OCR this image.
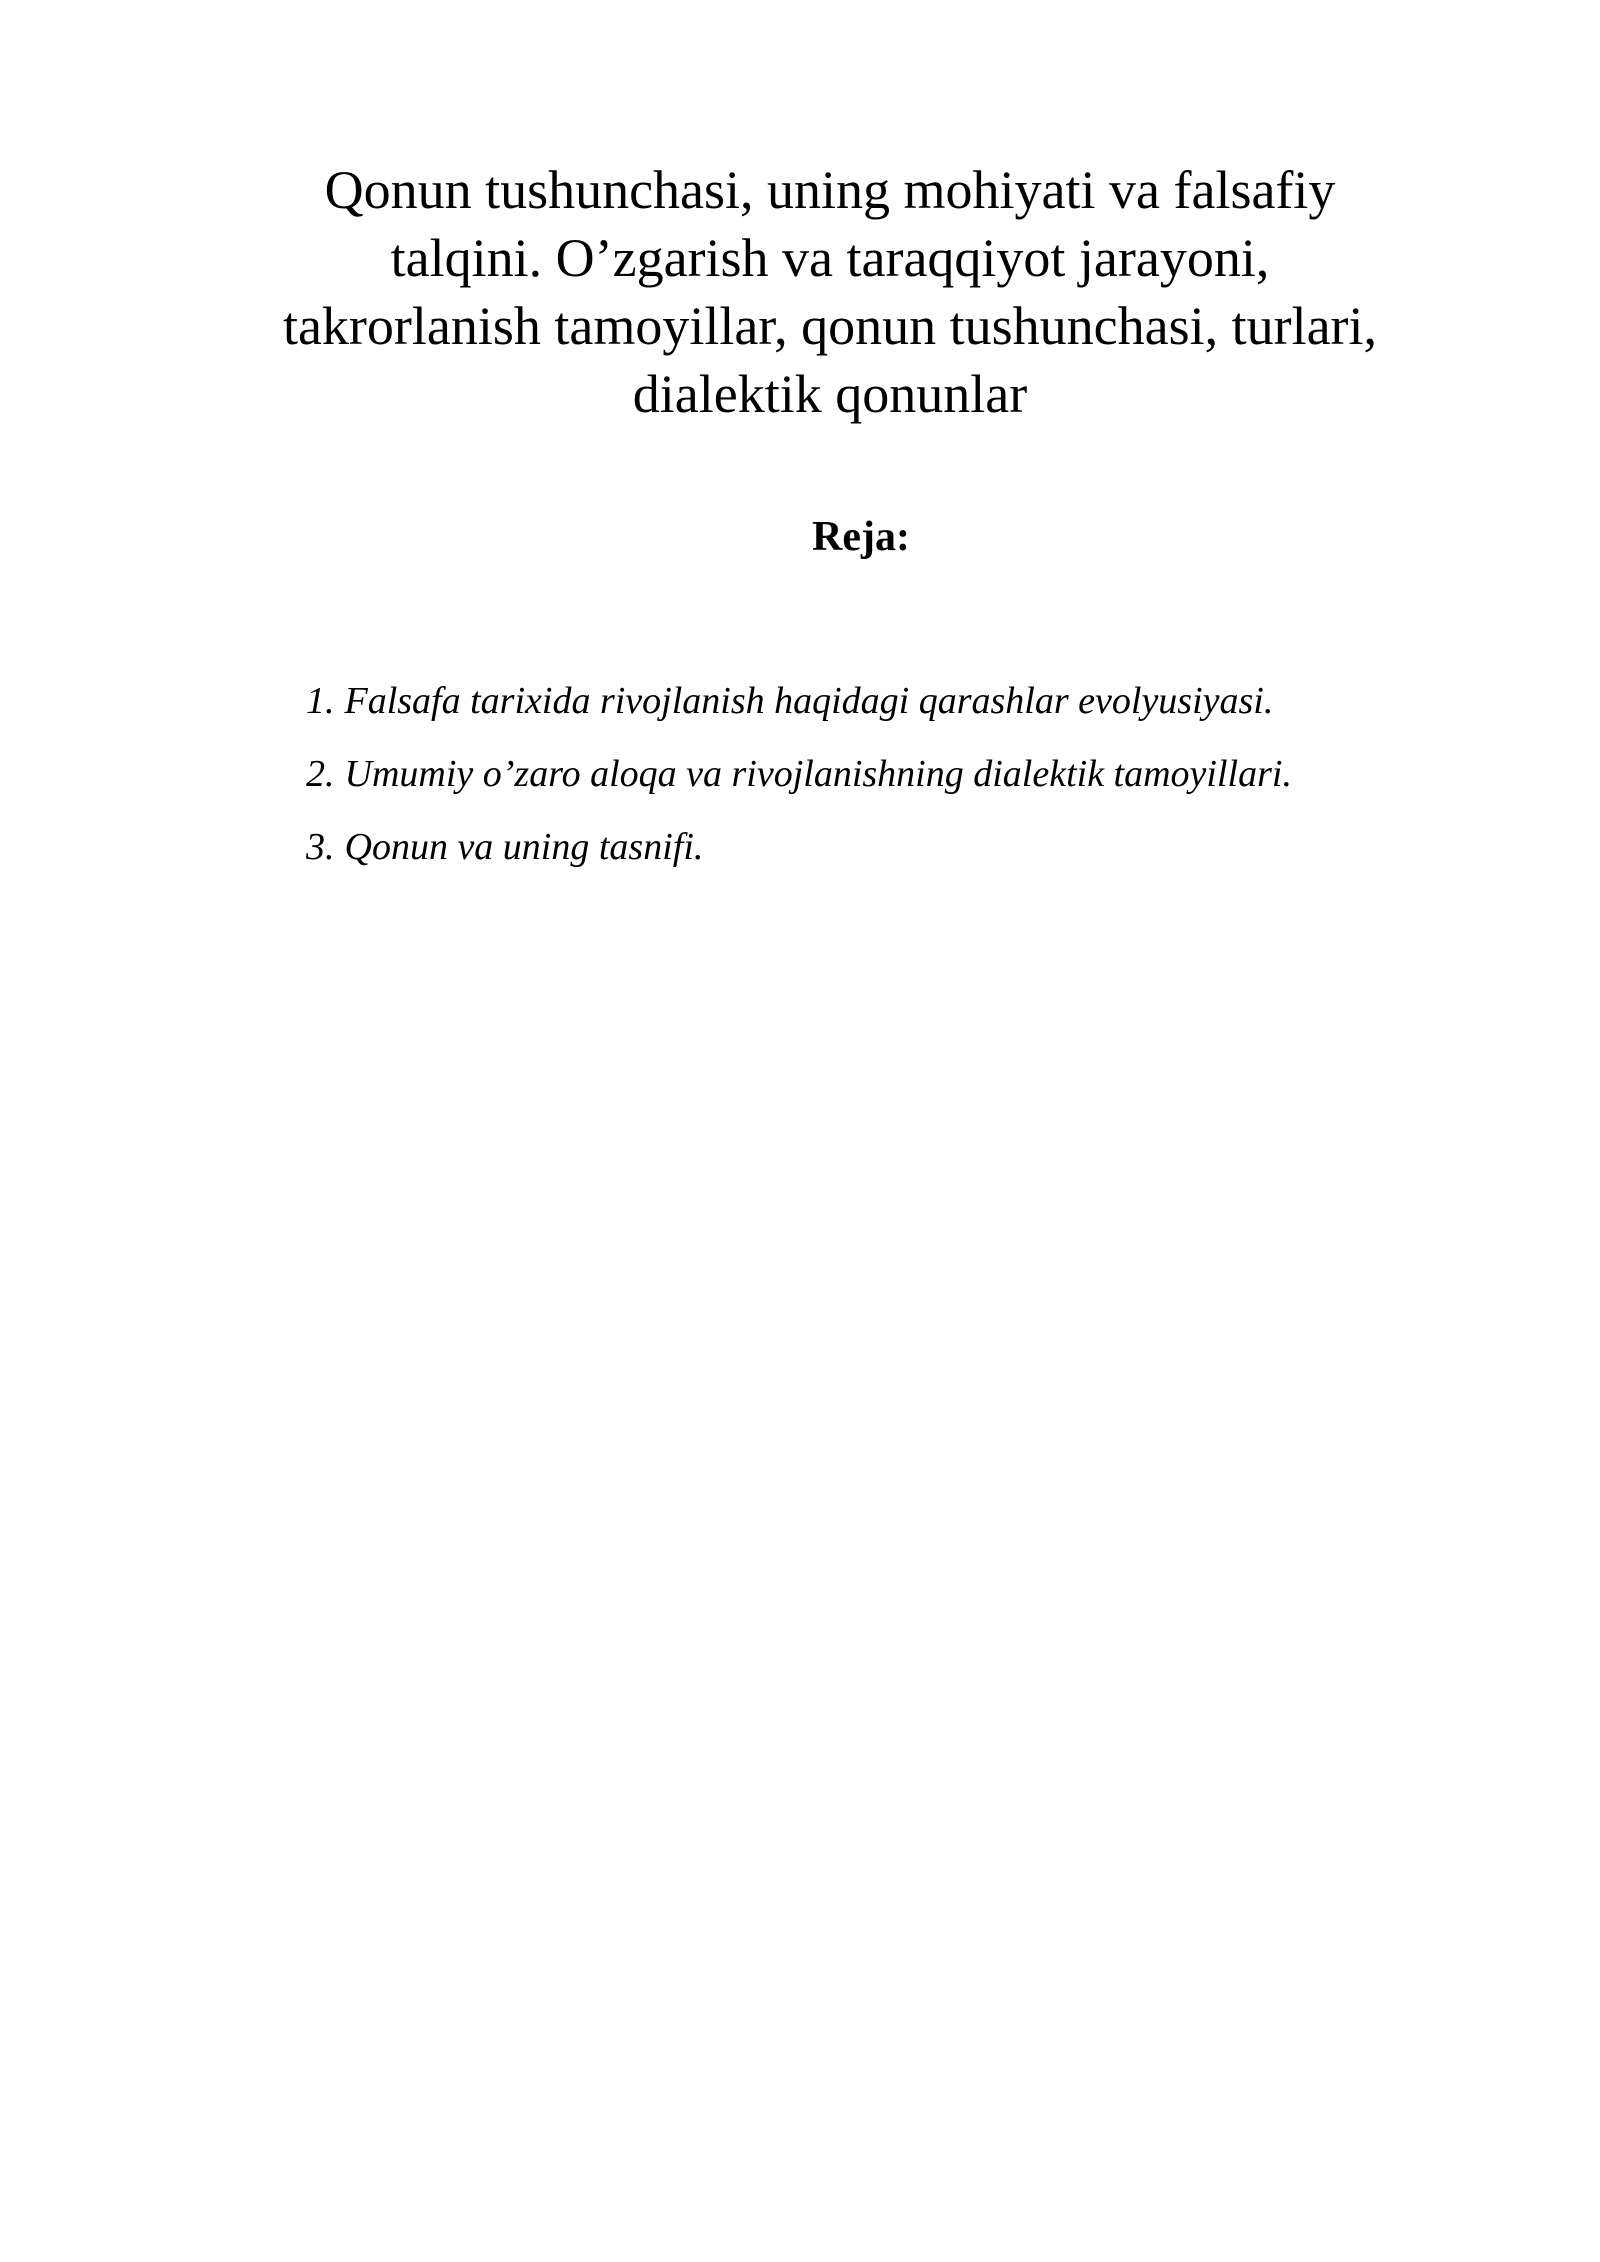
Qonun tushunchasi, uning mohiyati va falsafiy
talqini. O’zgarish va taraqqiyot jarayoni,
takrorlanish tamoyillar, qonun tushunchasi, turlari,
dialektik qonunlar
Reja:
1. Falsafa tarixida rivojlanish haqidagi qarashlar evolyusiyasi.
2. Umumiy o’zaro aloqa va rivojlanishning dialektik tamoyillari.
3. Qonun va uning tasnifi.
